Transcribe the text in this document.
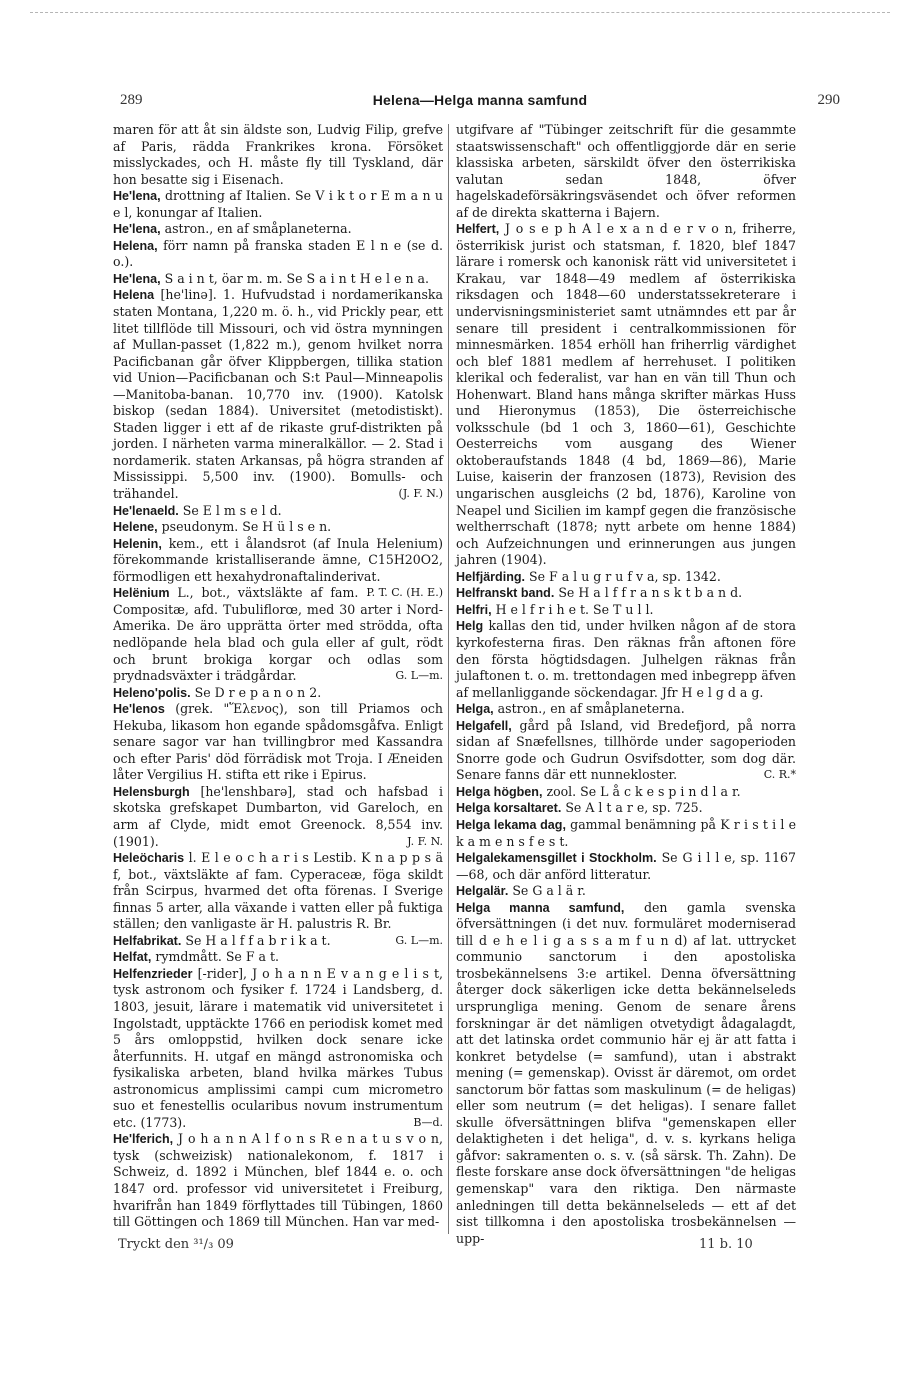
289	Helena—Helga manna samfund	290

maren för att åt sin äldste son, Ludvig Filip, grefve af Paris, rädda Frankrikes krona. Försöket misslyckades, och H. måste fly till Tyskland, där hon besatte sig i Eisenach.

He'lena, drottning af Italien. Se V i k t o r E m a n u e l, konungar af Italien.

He'lena, astron., en af småplaneterna.

Helena, förr namn på franska staden E l n e (se d. o.).

He'lena, S a i n t, öar m. m. Se S a i n t H e l e n a.

Helena [he'linə]. 1. Hufvudstad i nordamerikanska staten Montana, 1,220 m. ö. h., vid Prickly pear, ett litet tillflöde till Missouri, och vid östra mynningen af Mullan-passet (1,822 m.), genom hvilket norra Pacificbanan går öfver Klippbergen, tillika station vid Union—Pacificbanan och S:t Paul—Minneapolis—Manitoba-banan. 10,770 inv. (1900). Katolsk biskop (sedan 1884). Universitet (metodistiskt). Staden ligger i ett af de rikaste gruf-distrikten på jorden. I närheten varma mineralkällor. — 2. Stad i nordamerik. staten Arkansas, på högra stranden af Mississippi. 5,500 inv. (1900). Bomulls- och trähandel.	(J. F. N.)

He'lenaeld. Se E l m s e l d.

Helene, pseudonym. Se H ü l s e n.

Helenin, kem., ett i ålandsrot (af Inula Helenium) förekommande kristalliserande ämne, C15H20O2, förmodligen ett hexahydronaftalinderivat.
P. T. C. (H. E.)

Helënium L., bot., växtsläkte af fam. Compositæ, afd. Tubuliflorœ, med 30 arter i Nord-Amerika. De äro upprätta örter med strödda, ofta nedlöpande hela blad och gula eller af gult, rödt och brunt brokiga korgar och odlas som prydnadsväxter i trädgårdar.	G. L—m.

Heleno'polis. Se D r e p a n o n 2.

He'lenos (grek. "Ἕλενος), son till Priamos och Hekuba, likasom hon egande spådomsgåfva. Enligt senare sagor var han tvillingbror med Kassandra och efter Paris' död förrädisk mot Troja. I Æneiden låter Vergilius H. stifta ett rike i Epirus.

Helensburgh [he'lenshbarə], stad och hafsbad i skotska grefskapet Dumbarton, vid Gareloch, en arm af Clyde, midt emot Greenock. 8,554 inv. (1901).	J. F. N.

Heleöcharis l. E l e o c h a r i s Lestib. K n a p p s ä f, bot., växtsläkte af fam. Cyperaceæ, föga skildt från Scirpus, hvarmed det ofta förenas. I Sverige finnas 5 arter, alla växande i vatten eller på fuktiga ställen; den vanligaste är H. palustris R. Br.
G. L—m.

Helfabrikat. Se H a l f f a b r i k a t.

Helfat, rymdmått. Se F a t.

Helfenzrieder [-rider], J o h a n n E v a n g e l i s t, tysk astronom och fysiker f. 1724 i Landsberg, d. 1803, jesuit, lärare i matematik vid universitetet i Ingolstadt, upptäckte 1766 en periodisk komet med 5 års omloppstid, hvilken dock senare icke återfunnits. H. utgaf en mängd astronomiska och fysikaliska arbeten, bland hvilka märkes Tubus astronomicus amplissimi campi cum micrometro suo et fenestellis ocularibus novum instrumentum etc. (1773).	B—d.

He'lferich, J o h a n n A l f o n s R e n a t u s v o n, tysk (schweizisk) nationalekonom, f. 1817 i Schweiz, d. 1892 i München, blef 1844 e. o. och 1847 ord. professor vid universitetet i Freiburg, hvarifrån han 1849 förflyttades till Tübingen, 1860 till Göttingen och 1869 till München. Han var med-

utgifvare af "Tübinger zeitschrift für die gesammte staatswissenschaft" och offentliggjorde där en serie klassiska arbeten, särskildt öfver den österrikiska valutan sedan 1848, öfver hagelskadeförsäkringsväsendet och öfver reformen af de direkta skatterna i Bajern.

Helfert, J o s e p h A l e x a n d e r v o n, friherre, österrikisk jurist och statsman, f. 1820, blef 1847 lärare i romersk och kanonisk rätt vid universitetet i Krakau, var 1848—49 medlem af österrikiska riksdagen och 1848—60 understatssekreterare i undervisningsministeriet samt utnämndes ett par år senare till president i centralkommissionen för minnesmärken. 1854 erhöll han friherrlig värdighet och blef 1881 medlem af herrehuset. I politiken klerikal och federalist, var han en vän till Thun och Hohenwart. Bland hans många skrifter märkas Huss und Hieronymus (1853), Die österreichische volksschule (bd 1 och 3, 1860—61), Geschichte Oesterreichs vom ausgang des Wiener oktoberaufstands 1848 (4 bd, 1869—86), Marie Luise, kaiserin der franzosen (1873), Revision des ungarischen ausgleichs (2 bd, 1876), Karoline von Neapel und Sicilien im kampf gegen die französische weltherrschaft (1878; nytt arbete om henne 1884) och Aufzeichnungen und erinnerungen aus jungen jahren (1904).

Helfjärding. Se F a l u g r u f v a, sp. 1342.

Helfranskt band. Se H a l f f r a n s k t b a n d.

Helfri, H e l f r i h e t. Se T u l l.

Helg kallas den tid, under hvilken någon af de stora kyrkofesterna firas. Den räknas från aftonen före den första högtidsdagen. Julhelgen räknas från julaftonen t. o. m. trettondagen med inbegrepp äfven af mellanliggande söckendagar. Jfr H e l g d a g.

Helga, astron., en af småplaneterna.

Helgafell, gård på Island, vid Bredefjord, på norra sidan af Snæfellsnes, tillhörde under sagoperioden Snorre gode och Gudrun Osvifsdotter, som dog där. Senare fanns där ett nunnekloster.	C. R.*

Helga högben, zool. Se L å c k e s p i n d l a r.

Helga korsaltaret. Se A l t a r e, sp. 725.

Helga lekama dag, gammal benämning på K r i s t i l e k a m e n s f e s t.

Helgalekamensgillet i Stockholm. Se G i l l e, sp. 1167—68, och där anförd litteratur.

Helgalär. Se G a l ä r.

Helga manna samfund, den gamla svenska öfversättningen (i det nuv. formuläret moderniserad till d e h e l i g a s s a m f u n d) af lat. uttrycket communio sanctorum i den apostoliska trosbekännelsens 3:e artikel. Denna öfversättning återger dock säkerligen icke detta bekännelseleds ursprungliga mening. Genom de senare årens forskningar är det nämligen otvetydigt ådagalagdt, att det latinska ordet communio här ej är att fatta i konkret betydelse (= samfund), utan i abstrakt mening (= gemenskap). Ovisst är däremot, om ordet sanctorum bör fattas som maskulinum (= de heligas) eller som neutrum (= det heligas). I senare fallet skulle öfversättningen blifva "gemenskapen eller delaktigheten i det heliga", d. v. s. kyrkans heliga gåfvor: sakramenten o. s. v. (så särsk. Th. Zahn). De fleste forskare anse dock öfversättningen "de heligas gemenskap" vara den riktiga. Den närmaste anledningen till detta bekännelseleds — ett af det sist tillkomna i den apostoliska trosbekännelsen — upp-

Tryckt den ³¹/₃ 09	11 b. 10
